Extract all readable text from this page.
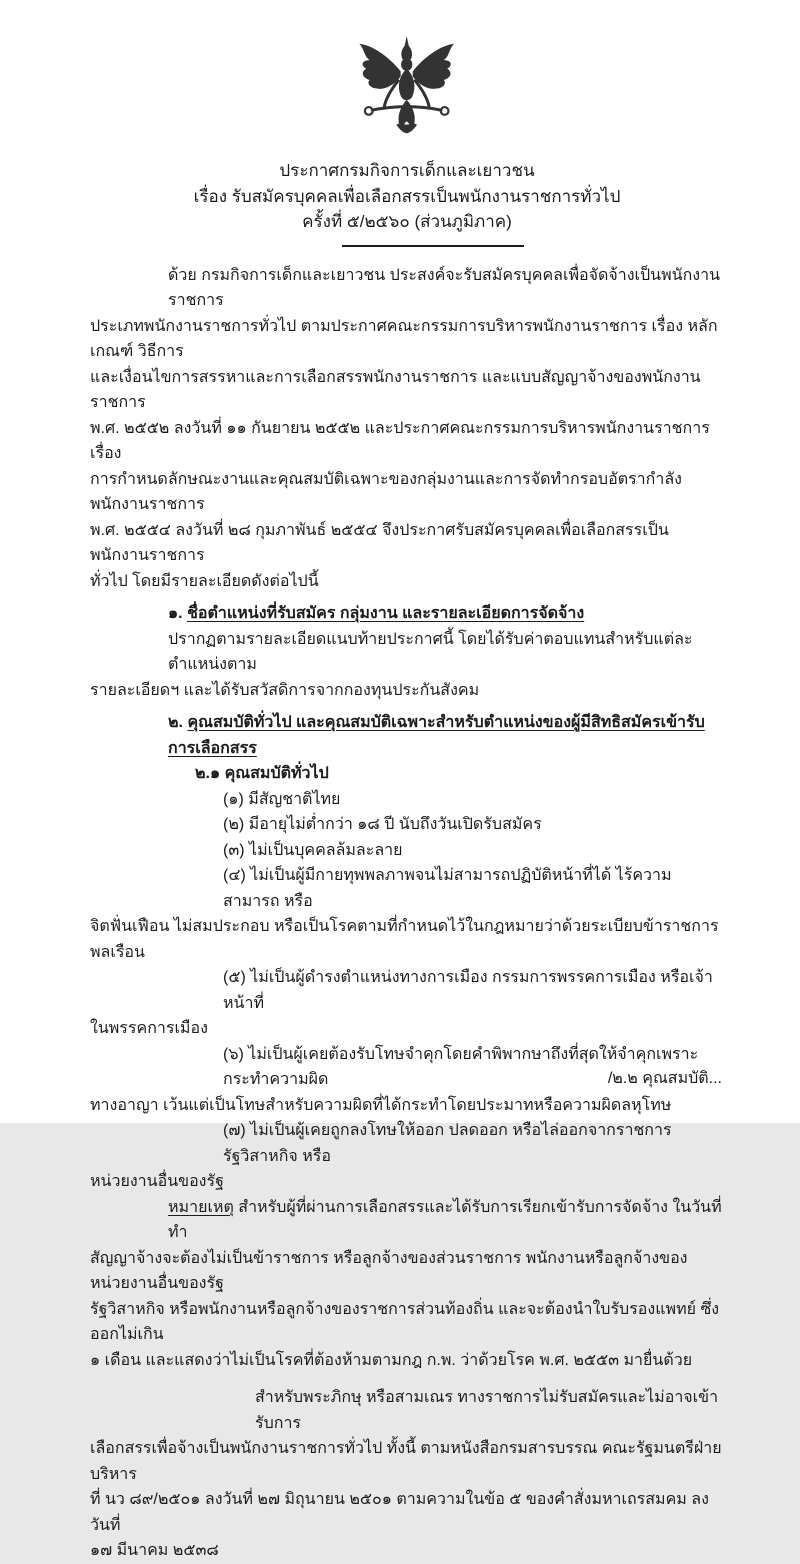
ประกาศกรมกิจการเด็กและเยาวชน
เรื่อง รับสมัครบุคคลเพื่อเลือกสรรเป็นพนักงานราชการทั่วไป
ครั้งที่ ๕/๒๕๖๐ (ส่วนภูมิภาค)
ด้วย กรมกิจการเด็กและเยาวชน ประสงค์จะรับสมัครบุคคลเพื่อจัดจ้างเป็นพนักงานราชการ
ประเภทพนักงานราชการทั่วไป ตามประกาศคณะกรรมการบริหารพนักงานราชการ เรื่อง หลักเกณฑ์ วิธีการ
และเงื่อนไขการสรรหาและการเลือกสรรพนักงานราชการ และแบบสัญญาจ้างของพนักงานราชการ
พ.ศ. ๒๕๕๒ ลงวันที่ ๑๑ กันยายน ๒๕๕๒ และประกาศคณะกรรมการบริหารพนักงานราชการ เรื่อง
การกำหนดลักษณะงานและคุณสมบัติเฉพาะของกลุ่มงานและการจัดทำกรอบอัตรากำลังพนักงานราชการ
พ.ศ. ๒๕๕๔ ลงวันที่ ๒๘ กุมภาพันธ์ ๒๕๕๔ จึงประกาศรับสมัครบุคคลเพื่อเลือกสรรเป็นพนักงานราชการ
ทั่วไป โดยมีรายละเอียดดังต่อไปนี้
๑. ชื่อตำแหน่งที่รับสมัคร กลุ่มงาน และรายละเอียดการจัดจ้าง
ปรากฏตามรายละเอียดแนบท้ายประกาศนี้ โดยได้รับค่าตอบแทนสำหรับแต่ละตำแหน่งตาม
รายละเอียดฯ และได้รับสวัสดิการจากกองทุนประกันสังคม
๒. คุณสมบัติทั่วไป และคุณสมบัติเฉพาะสำหรับตำแหน่งของผู้มีสิทธิสมัครเข้ารับการเลือกสรร
๒.๑ คุณสมบัติทั่วไป
(๑) มีสัญชาติไทย
(๒) มีอายุไม่ต่ำกว่า ๑๘ ปี นับถึงวันเปิดรับสมัคร
(๓) ไม่เป็นบุคคลล้มละลาย
(๔) ไม่เป็นผู้มีกายทุพพลภาพจนไม่สามารถปฏิบัติหน้าที่ได้ ไร้ความสามารถ หรือ
จิตฟั่นเฟือน ไม่สมประกอบ หรือเป็นโรคตามที่กำหนดไว้ในกฎหมายว่าด้วยระเบียบข้าราชการพลเรือน
(๕) ไม่เป็นผู้ดำรงตำแหน่งทางการเมือง กรรมการพรรคการเมือง หรือเจ้าหน้าที่
ในพรรคการเมือง
(๖) ไม่เป็นผู้เคยต้องรับโทษจำคุกโดยคำพิพากษาถึงที่สุดให้จำคุกเพราะกระทำความผิด
ทางอาญา เว้นแต่เป็นโทษสำหรับความผิดที่ได้กระทำโดยประมาทหรือความผิดลหุโทษ
(๗) ไม่เป็นผู้เคยถูกลงโทษให้ออก ปลดออก หรือไล่ออกจากราชการ รัฐวิสาหกิจ หรือ
หน่วยงานอื่นของรัฐ
หมายเหตุ สำหรับผู้ที่ผ่านการเลือกสรรและได้รับการเรียกเข้ารับการจัดจ้าง ในวันที่ทำ
สัญญาจ้างจะต้องไม่เป็นข้าราชการ หรือลูกจ้างของส่วนราชการ พนักงานหรือลูกจ้างของหน่วยงานอื่นของรัฐ
รัฐวิสาหกิจ หรือพนักงานหรือลูกจ้างของราชการส่วนท้องถิ่น และจะต้องนำใบรับรองแพทย์ ซึ่งออกไม่เกิน
๑ เดือน และแสดงว่าไม่เป็นโรคที่ต้องห้ามตามกฎ ก.พ. ว่าด้วยโรค พ.ศ. ๒๕๕๓ มายื่นด้วย
สำหรับพระภิกษุ หรือสามเณร ทางราชการไม่รับสมัครและไม่อาจเข้ารับการ
เลือกสรรเพื่อจ้างเป็นพนักงานราชการทั่วไป ทั้งนี้ ตามหนังสือกรมสารบรรณ คณะรัฐมนตรีฝ่ายบริหาร
ที่ นว ๘๙/๒๕๐๑ ลงวันที่ ๒๗ มิถุนายน ๒๕๐๑ ตามความในข้อ ๕ ของคำสั่งมหาเถรสมคม ลงวันที่
๑๗ มีนาคม ๒๕๓๘
/๒.๒ คุณสมบัติ...
